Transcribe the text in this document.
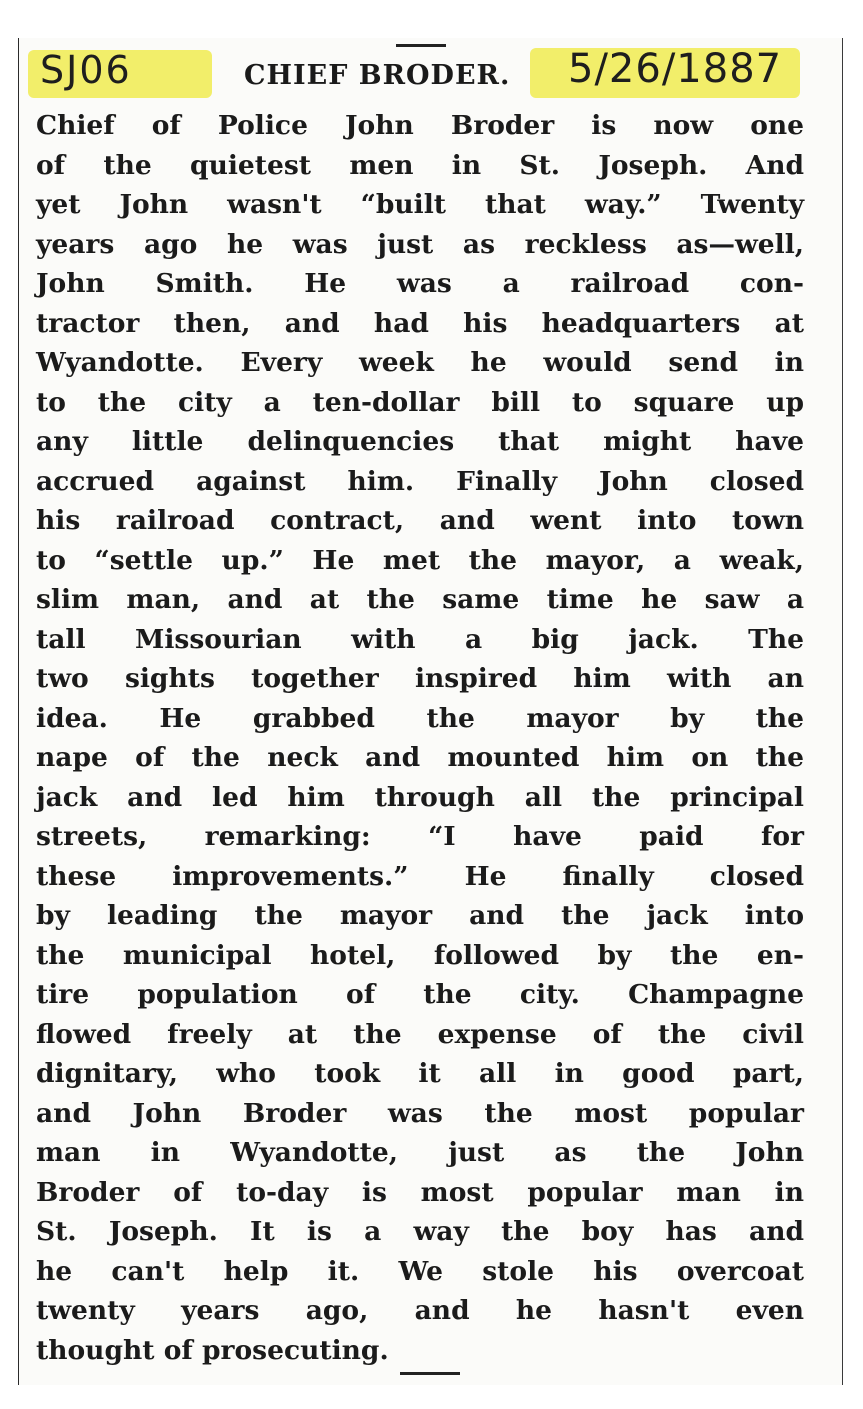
SJ06	CHIEF BRODER. 5/26/1887
Chief of Police John Broder is now one
of the quietest men in St. Joseph. And
yet John wasn't “built that way.” Twenty
years ago he was just as reckless as—well,
John Smith. He was a railroad con-
tractor then, and had his headquarters at
Wyandotte. Every week he would send in
to the city a ten-dollar bill to square up
any little delinquencies that might have
accrued against him. Finally John closed
his railroad contract, and went into town
to “settle up.” He met the mayor, a weak,
slim man, and at the same time he saw a
tall Missourian with a big jack. The
two sights together inspired him with an
idea. He grabbed the mayor by the
nape of the neck and mounted him on the
jack and led him through all the principal
streets, remarking: “I have paid for
these improvements.” He finally closed
by leading the mayor and the jack into
the municipal hotel, followed by the en-
tire population of the city. Champagne
flowed freely at the expense of the civil
dignitary, who took it all in good part,
and John Broder was the most popular
man in Wyandotte, just as the John
Broder of to-day is most popular man in
St. Joseph. It is a way the boy has and
he can't help it. We stole his overcoat
twenty years ago, and he hasn't even
thought of prosecuting.
